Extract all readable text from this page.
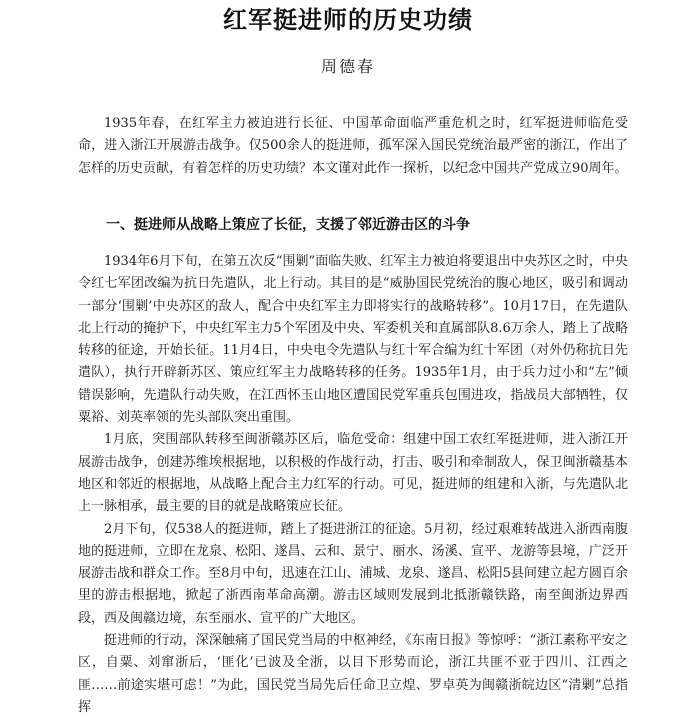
红军挺进师的历史功绩
周德春

1935年春，在红军主力被迫进行长征、中国革命面临严重危机之时，红军挺进师临危受命，进入浙江开展游击战争。仅500余人的挺进师，孤军深入国民党统治最严密的浙江，作出了怎样的历史贡献，有着怎样的历史功绩？本文谨对此作一探析，以纪念中国共产党成立90周年。

一、挺进师从战略上策应了长征，支援了邻近游击区的斗争

1934年6月下旬，在第五次反“围剿”面临失败、红军主力被迫将要退出中央苏区之时，中央令红七军团改编为抗日先遣队，北上行动。其目的是“威胁国民党统治的腹心地区，吸引和调动一部分‘围剿’中央苏区的敌人，配合中央红军主力即将实行的战略转移”。10月17日，在先遣队北上行动的掩护下，中央红军主力5个军团及中央、军委机关和直属部队8.6万余人，踏上了战略转移的征途，开始长征。11月4日，中央电令先遣队与红十军合编为红十军团（对外仍称抗日先遣队），执行开辟新苏区、策应红军主力战略转移的任务。1935年1月，由于兵力过小和“左”倾错误影响，先遣队行动失败，在江西怀玉山地区遭国民党军重兵包围进攻，指战员大部牺牲，仅粟裕、刘英率领的先头部队突出重围。

1月底，突围部队转移至闽浙赣苏区后，临危受命：组建中国工农红军挺进师，进入浙江开展游击战争，创建苏维埃根据地，以积极的作战行动，打击、吸引和牵制敌人，保卫闽浙赣基本地区和邻近的根据地，从战略上配合主力红军的行动。可见，挺进师的组建和入浙，与先遣队北上一脉相承，最主要的目的就是战略策应长征。

2月下旬，仅538人的挺进师，踏上了挺进浙江的征途。5月初，经过艰难转战进入浙西南腹地的挺进师，立即在龙泉、松阳、遂昌、云和、景宁、丽水、汤溪、宣平、龙游等县境，广泛开展游击战和群众工作。至8月中旬，迅速在江山、浦城、龙泉、遂昌、松阳5县间建立起方圆百余里的游击根据地，掀起了浙西南革命高潮。游击区域则发展到北抵浙赣铁路，南至闽浙边界西段，西及闽赣边境，东至丽水、宣平的广大地区。

挺进师的行动，深深触痛了国民党当局的中枢神经，《东南日报》等惊呼：“浙江素称平安之区，自粟、刘窜浙后，‘匪化’已波及全浙，以目下形势而论，浙江共匪不亚于四川、江西之匪……前途实堪可虑！”为此，国民党当局先后任命卫立煌、罗卓英为闽赣浙皖边区“清剿”总指挥
